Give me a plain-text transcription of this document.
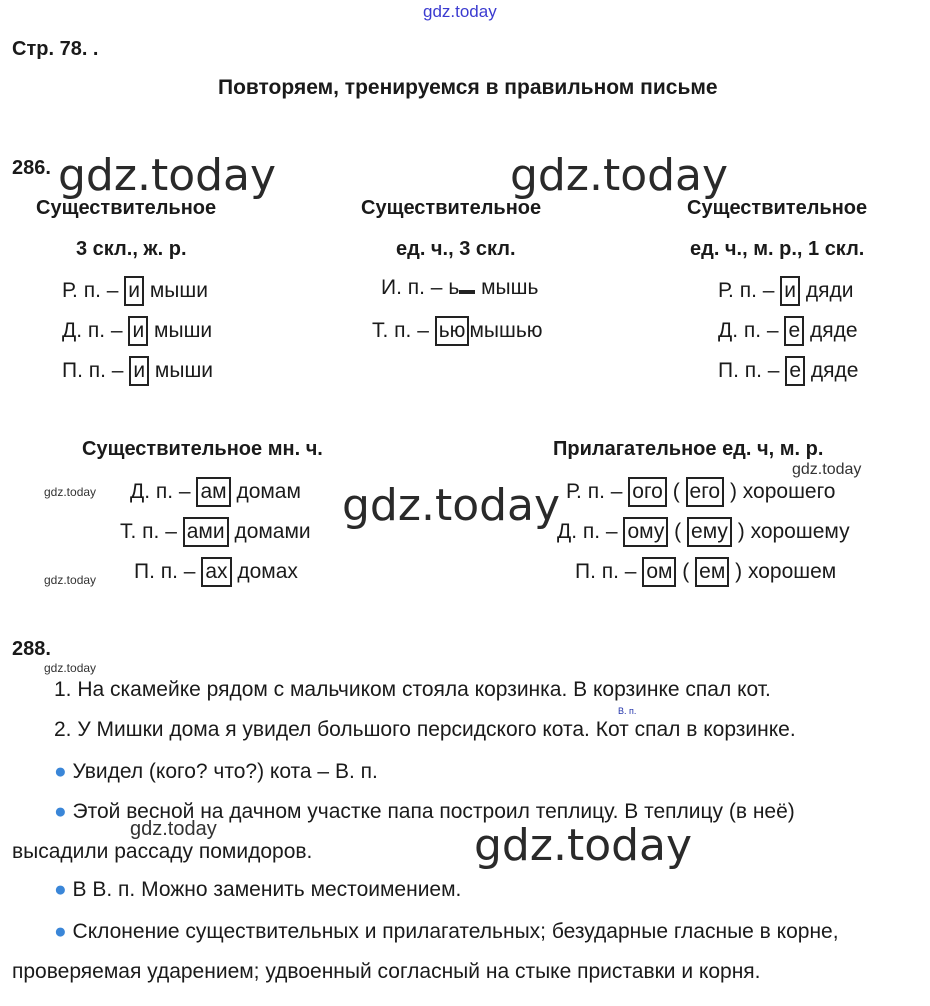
gdz.today
Стр. 78. .
Повторяем, тренируемся в правильном письме
286. gdz.today	gdz.today
Существительное
3 скл., ж. р.
Р. п. – и мыши
Д. п. – и мыши
П. п. – и мыши
Существительное
ед. ч., 3 скл.
И. п. – ь мышь
Т. п. – ью мышью
Существительное
ед. ч., м. р., 1 скл.
Р. п. – и дяди
Д. п. – е дяде
П. п. – е дяде
Существительное мн. ч.
gdz.today
gdz.today
Д. п. – ам домам
Т. п. – ами домами
П. п. – ах домах
gdz.today
Прилагательное ед. ч, м. р.
gdz.today
Р. п. – ого ( его ) хорошего
Д. п. – ому ( ему ) хорошему
П. п. – ом ( ем ) хорошем
288.
gdz.today
1. На скамейке рядом с мальчиком стояла корзинка. В корзинке спал кот.
В. п.
2. У Мишки дома я увидел большого персидского кота. Кот спал в корзинке.
● Увидел (кого? что?) кота – В. п.
● Этой весной на дачном участке папа построил теплицу. В теплицу (в неё)
gdz.today
высадили рассаду помидоров.	gdz.today
● В В. п. Можно заменить местоимением.
● Склонение существительных и прилагательных; безударные гласные в корне,
проверяемая ударением; удвоенный согласный на стыке приставки и корня.
